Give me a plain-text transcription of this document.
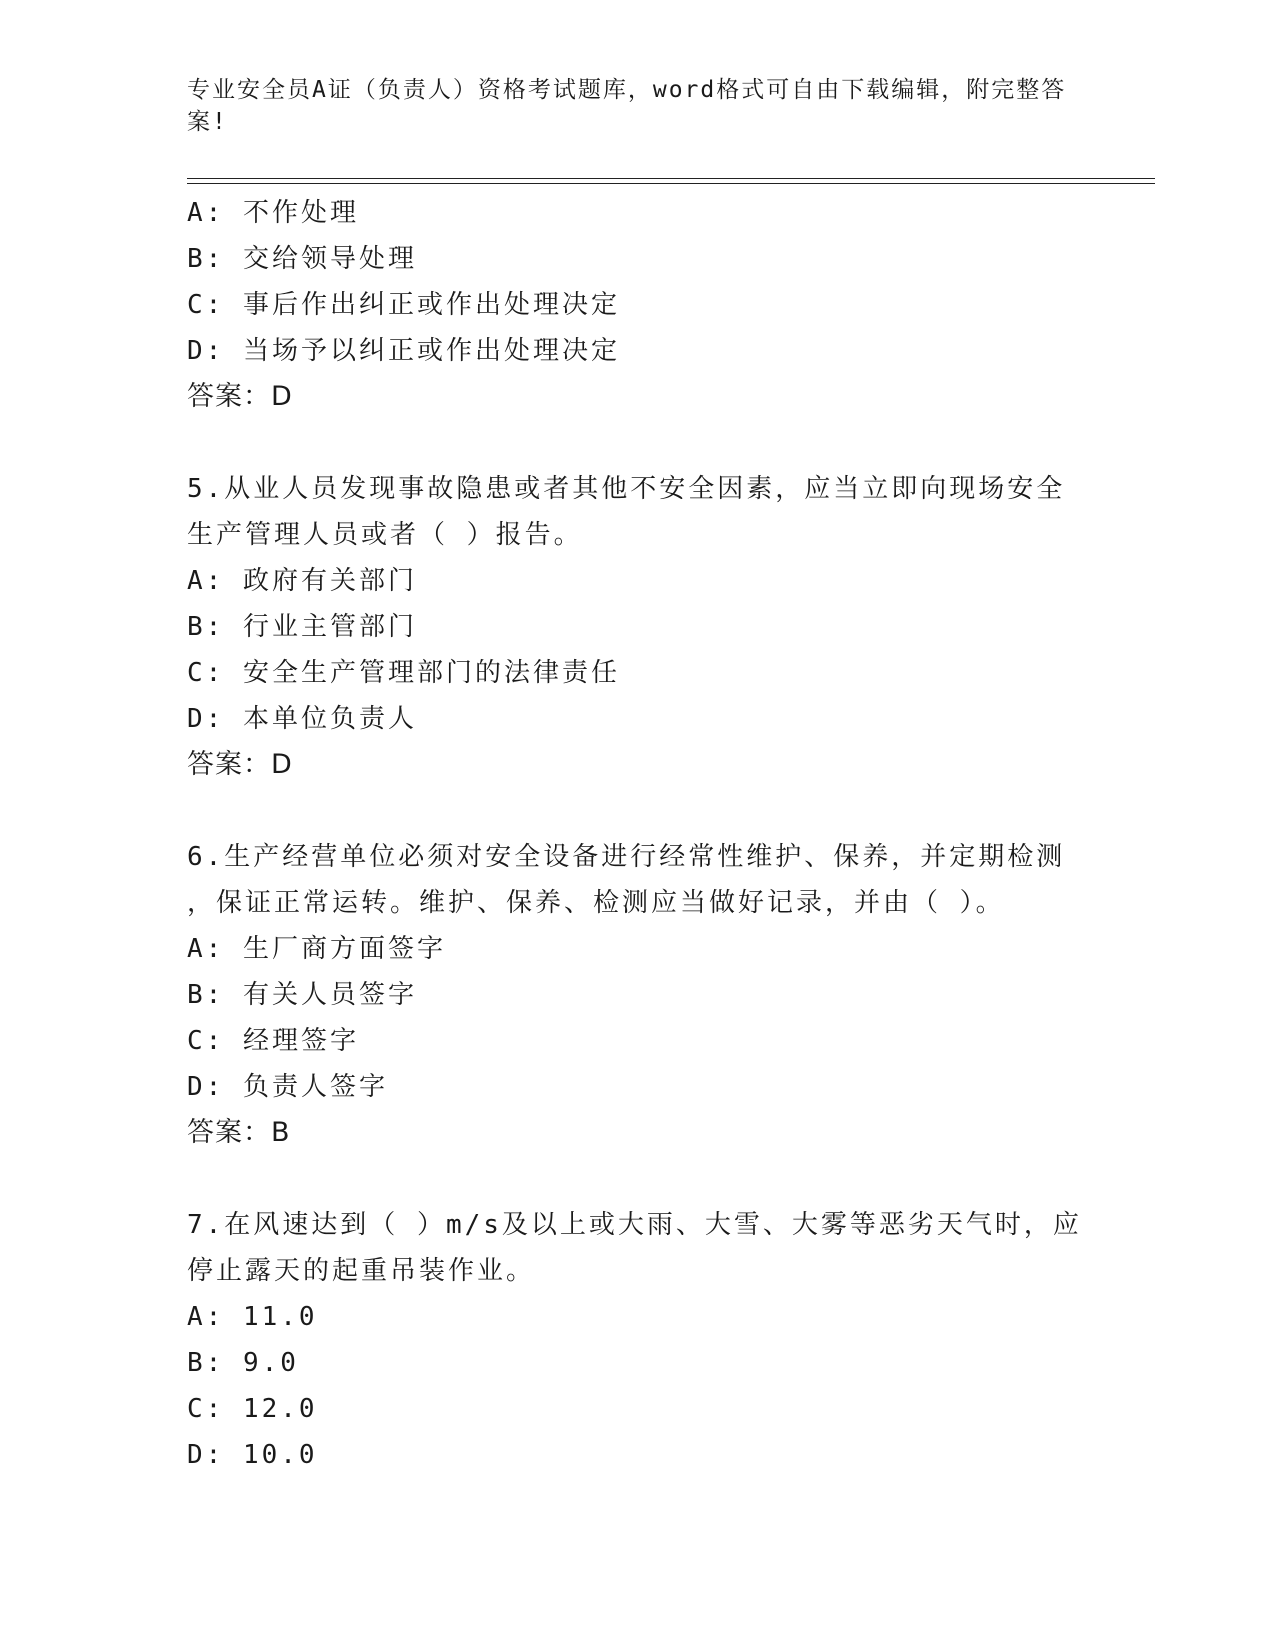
专业安全员A证（负责人）资格考试题库，word格式可自由下载编辑，附完整答
案!
A: 不作处理
B: 交给领导处理
C: 事后作出纠正或作出处理决定
D: 当场予以纠正或作出处理决定
答案：D
5.从业人员发现事故隐患或者其他不安全因素，应当立即向现场安全
生产管理人员或者（ ）报告。
A: 政府有关部门
B: 行业主管部门
C: 安全生产管理部门的法律责任
D: 本单位负责人
答案：D
6.生产经营单位必须对安全设备进行经常性维护、保养，并定期检测
，保证正常运转。维护、保养、检测应当做好记录，并由（ ）。
A: 生厂商方面签字
B: 有关人员签字
C: 经理签字
D: 负责人签字
答案：B
7.在风速达到（ ）m/s及以上或大雨、大雪、大雾等恶劣天气时，应
停止露天的起重吊装作业。
A: 11.0
B: 9.0
C: 12.0
D: 10.0
